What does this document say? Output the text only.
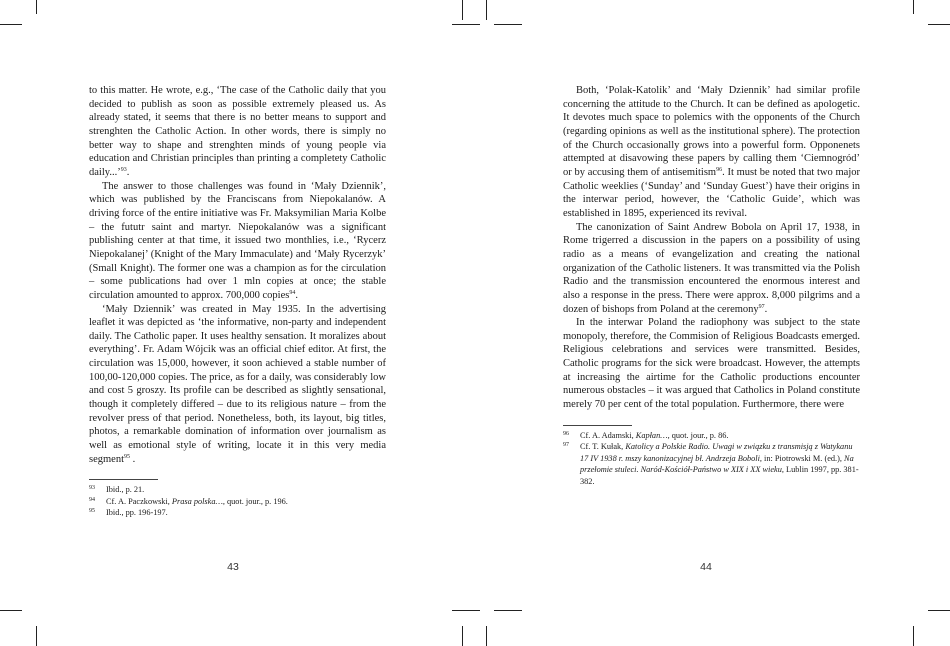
to this matter. He wrote, e.g., ‘The case of the Catholic daily that you decided to publish as soon as possible extremely pleased us. As already stated, it seems that there is no better means to support and strenghten the Catholic Action. In other words, there is simply no better way to shape and strenghten minds of young people via education and Christian principles than printing a completety Catholic daily...’$^{93}$.

The answer to those challenges was found in ‘Mały Dziennik’, which was published by the Franciscans from Niepokalanów. A driving force of the entire initiative was Fr. Maksymilian Maria Kolbe – the fututr saint and martyr. Niepokalanów was a significant publishing center at that time, it issued two monthlies, i.e., ‘Rycerz Niepokalanej’ (Knight of the Mary Immaculate) and ‘Mały Rycerzyk’ (Small Knight). The former one was a champion as for the circulation – some publications had over 1 mln copies at once; the stable circulation amounted to approx. 700,000 copies$^{94}$.

‘Mały Dziennik’ was created in May 1935. In the advertising leaflet it was depicted as ‘the informative, non-party and independent daily. The Catholic paper. It uses healthy sensation. It moralizes about everything’. Fr. Adam Wójcik was an official chief editor. At first, the circulation was 15,000, however, it soon achieved a stable number of 100,00-120,000 copies. The price, as for a daily, was considerably low and cost 5 groszy. Its profile can be described as slightly sensational, though it completely differed – due to its religious nature – from the revolver press of that period. Nonetheless, both, its layout, big titles, photos, a remarkable domination of information over journalism as well as emotional style of writing, locate it in this very media segment$^{95}$ .

93 Ibid., p. 21.
94 Cf. A. Paczkowski, Prasa polska…, quot. jour., p. 196.
95 Ibid., pp. 196-197.
43

Both, ‘Polak-Katolik’ and ‘Mały Dziennik’ had similar profile concerning the attitude to the Church. It can be defined as apologetic. It devotes much space to polemics with the opponents of the Church (regarding opinions as well as the institutional sphere). The protection of the Church occasionally grows into a powerful form. Opponenets attempted at disavowing these papers by calling them ‘Ciemnogród’ or by accusing them of antisemitism$^{96}$. It must be noted that two major Catholic weeklies (‘Sunday’ and ‘Sunday Guest’) have their origins in the interwar period, however, the ‘Catholic Guide’, which was established in 1895, experienced its revival.

The canonization of Saint Andrew Bobola on April 17, 1938, in Rome trigerred a discussion in the papers on a possibility of using radio as a means of evangelization and creating the national organization of the Catholic listeners. It was transmitted via the Polish Radio and the transmission encountered the enormous interest and also a response in the press. There were approx. 8,000 pilgrims and a dozen of bishops from Poland at the ceremony$^{97}$.

In the interwar Poland the radiophony was subject to the state monopoly, therefore, the Commision of Religious Boadcasts emerged. Religious celebrations and services were transmitted. Besides, Catholic programs for the sick were broadcast. However, the attempts at increasing the airtime for the Catholic productions encounter numerous obstacles – it was argued that Catholics in Poland constitute merely 70 per cent of the total population. Furthermore, there were

96 Cf. A. Adamski, Kapłan…, quot. jour., p. 86.
97 Cf. T. Kułak, Katolicy a Polskie Radio. Uwagi w związku z transmisją z Watykanu 17 IV 1938 r. mszy kanonizacyjnej bł. Andrzeja Boboli, in: Piotrowski M. (ed.), Na przełomie stuleci. Naród-Kościół-Państwo w XIX i XX wieku, Lublin 1997, pp. 381-382.
44
